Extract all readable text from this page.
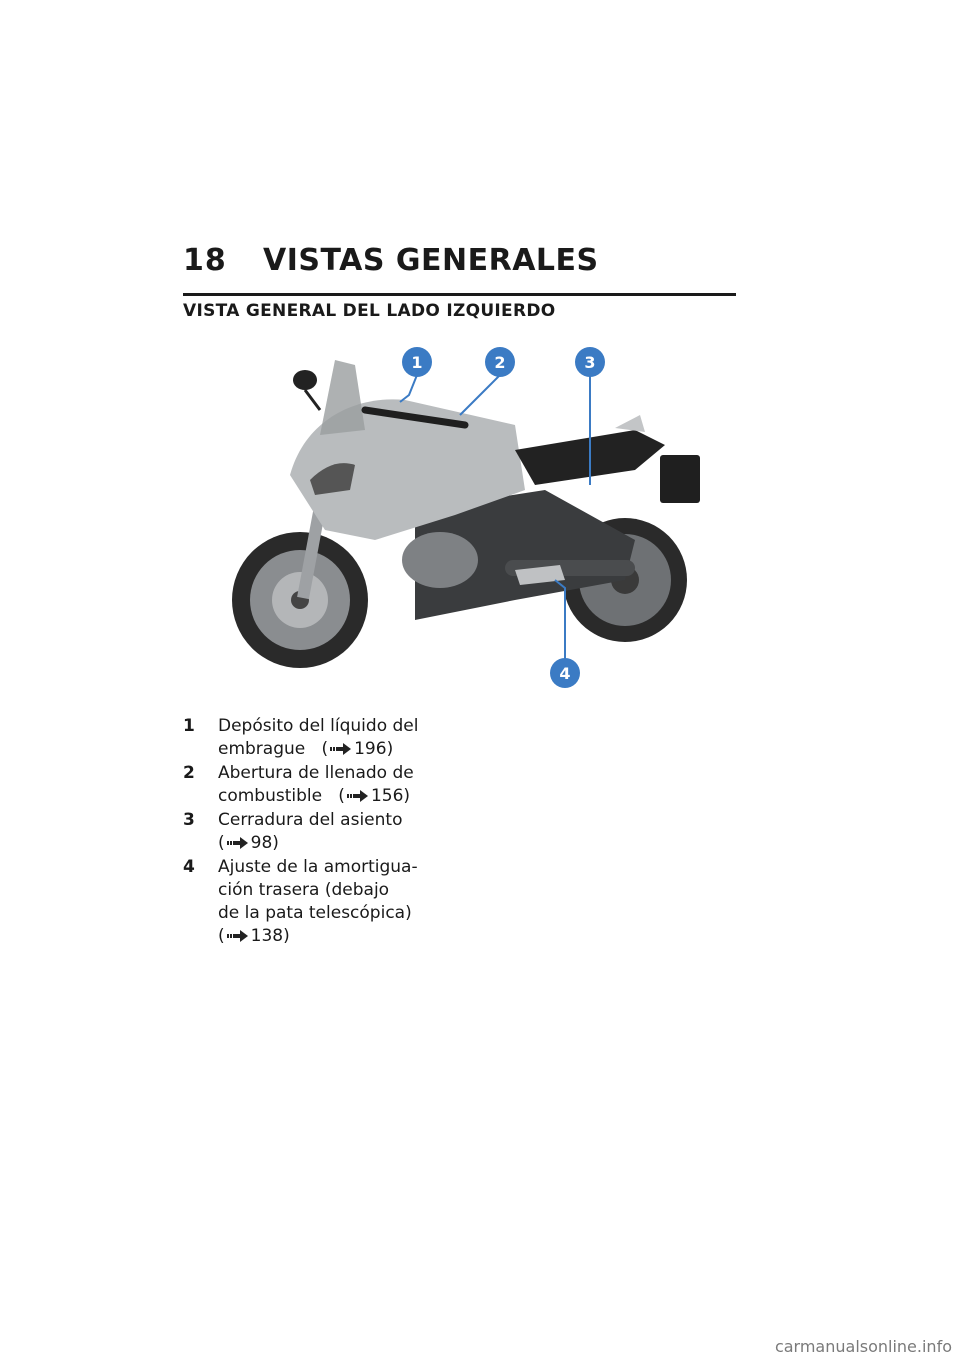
18	VISTAS GENERALES
VISTA GENERAL DEL LADO IZQUIERDO
1	2	3
4
1	Depósito del líquido del
embrague   ( 196)
2	Abertura de llenado de
combustible   ( 156)
3	Cerradura del asiento
( 98)
4	Ajuste de la amortigua-
ción trasera (debajo
de la pata telescópica)
( 138)
carmanualsonline.info
